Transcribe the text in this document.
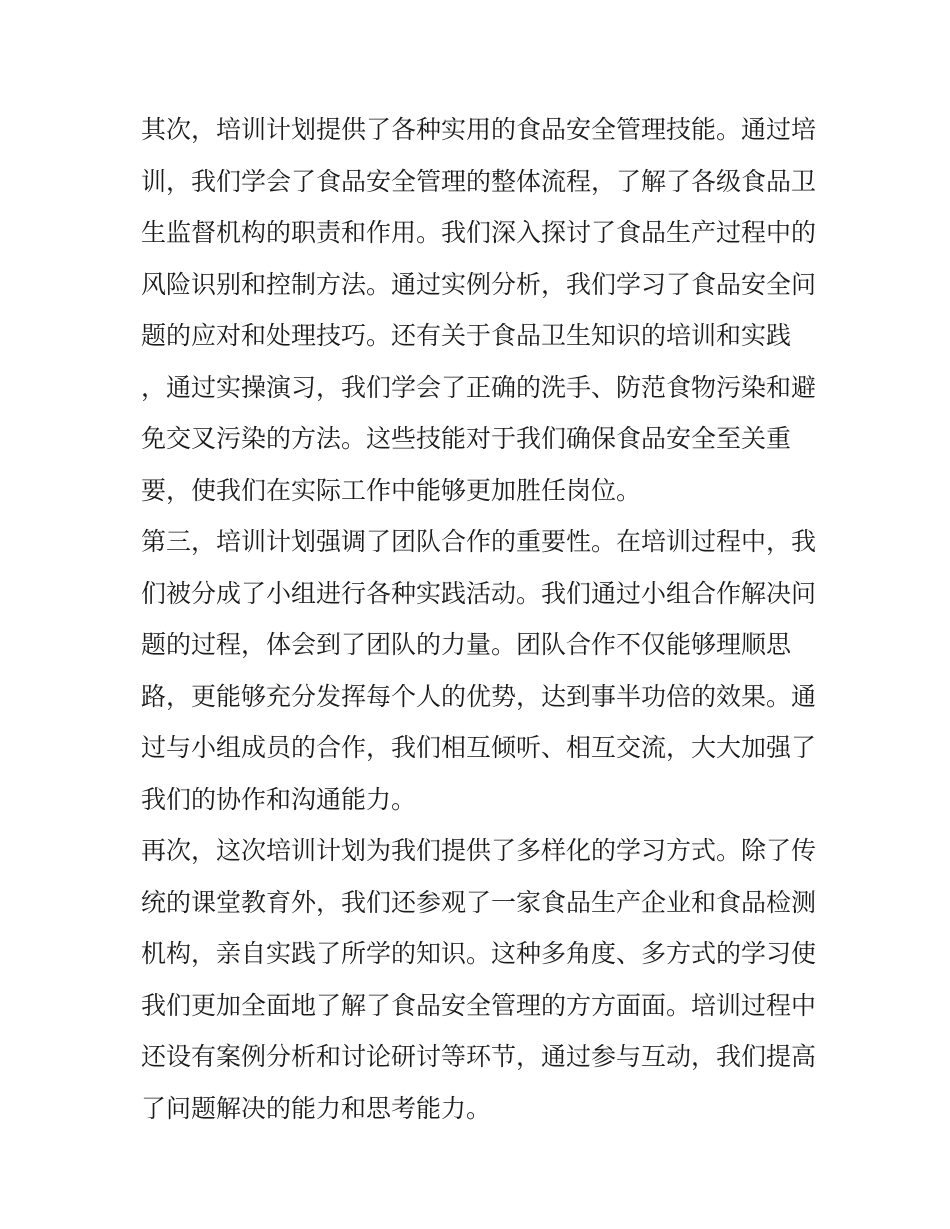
其次，培训计划提供了各种实用的食品安全管理技能。通过培
训，我们学会了食品安全管理的整体流程，了解了各级食品卫
生监督机构的职责和作用。我们深入探讨了食品生产过程中的
风险识别和控制方法。通过实例分析，我们学习了食品安全问
题的应对和处理技巧。还有关于食品卫生知识的培训和实践
，通过实操演习，我们学会了正确的洗手、防范食物污染和避
免交叉污染的方法。这些技能对于我们确保食品安全至关重
要，使我们在实际工作中能够更加胜任岗位。
第三，培训计划强调了团队合作的重要性。在培训过程中，我
们被分成了小组进行各种实践活动。我们通过小组合作解决问
题的过程，体会到了团队的力量。团队合作不仅能够理顺思
路，更能够充分发挥每个人的优势，达到事半功倍的效果。通
过与小组成员的合作，我们相互倾听、相互交流，大大加强了
我们的协作和沟通能力。
再次，这次培训计划为我们提供了多样化的学习方式。除了传
统的课堂教育外，我们还参观了一家食品生产企业和食品检测
机构，亲自实践了所学的知识。这种多角度、多方式的学习使
我们更加全面地了解了食品安全管理的方方面面。培训过程中
还设有案例分析和讨论研讨等环节，通过参与互动，我们提高
了问题解决的能力和思考能力。
